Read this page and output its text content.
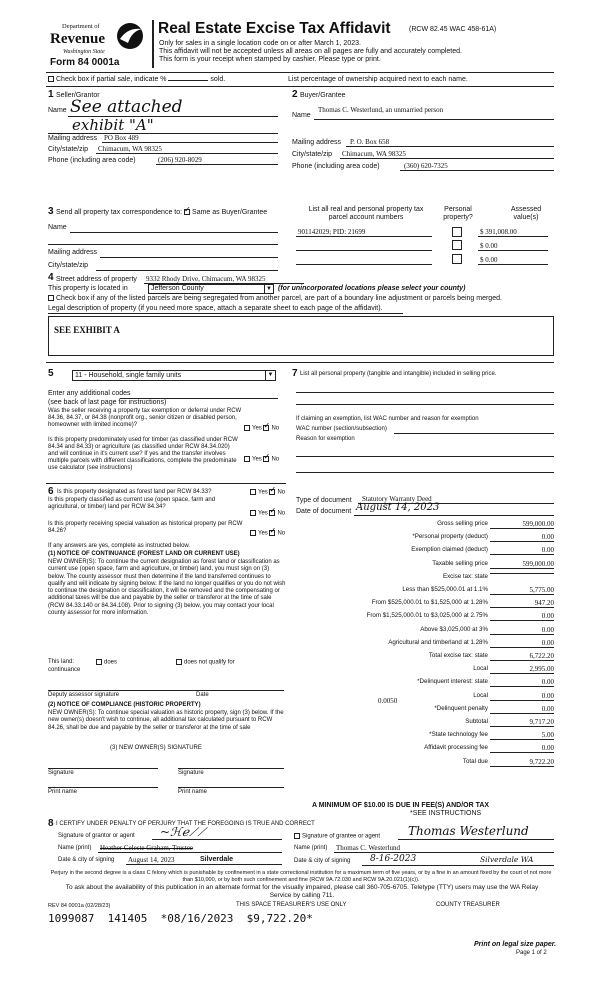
Department of
Revenue
Washington State
Form 84 0001a
Real Estate Excise Tax Affidavit	(RCW 82.45 WAC 458-61A)
Only for sales in a single location code on or after March 1, 2023.
This affidavit will not be accepted unless all areas on all pages are fully and accurately completed.
This form is your receipt when stamped by cashier. Please type or print.
Check box if partial sale, indicate %	sold.	List percentage of ownership acquired next to each name.
1 Seller/Grantor
Name See attached
exhibit "A"
Mailing address PO Box 489
City/state/zip Chimacum, WA 98325
Phone (including area code)	(206) 920-8029
2 Buyer/Grantee
Name
Thomas C. Westerlund, an unmarried person
Mailing address P. O. Box 658
City/state/zip Chimacum, WA 98325
Phone (including area code)	(360) 620-7325
3 Send all property tax correspondence to: ✓ Same as Buyer/Grantee
Name
Mailing address
City/state/zip
List all real and personal property tax
parcel account numbers
Personal
property?
Assessed
value(s)
901142029; PID: 21699	$ 391,008.00
$ 0.00
$ 0.00
4 Street address of property 9332 Rhody Drive, Chimacum, WA 98325
This property is located in	Jefferson County	▼ (for unincorporated locations please select your county)
Check box if any of the listed parcels are being segregated from another parcel, are part of a boundary line adjustment or parcels being merged.
Legal description of property (if you need more space, attach a separate sheet to each page of the affidavit).
SEE EXHIBIT A
5	11 - Household, single family units	▼
Enter any additional codes
(see back of last page for instructions)
Was the seller receiving a property tax exemption or deferral under RCW 84.36, 84.37, or 84.38 (nonprofit org., senior citizen or disabled person, homeowner with limited income)?
Yes ✓ No
Is this property predominately used for timber (as classified under RCW 84.34 and 84.33) or agriculture (as classified under RCW 84.34.020) and will continue in it's current use? If yes and the transfer involves multiple parcels with different classifications, complete the predominate use calculator (see instructions)
Yes ✓ No
7 List all personal property (tangible and intangible) included in selling price.
If claiming an exemption, list WAC number and reason for exemption
WAC number (section/subsection)
Reason for exemption
6 Is this property designated as forest land per RCW 84.33?	Yes ✓ No
Is this property classified as current use (open space, farm and agricultural, or timber) land per RCW 84.34?
Yes ✓ No
Is this property receiving special valuation as historical property per RCW 84.26?	Yes ✓ No
If any answers are yes, complete as instructed below.
(1) NOTICE OF CONTINUANCE (FOREST LAND OR CURRENT USE)
NEW OWNER(S): To continue the current designation as forest land or classification as current use (open space, farm and agriculture, or timber) land, you must sign on (3) below. The county assessor must then determine if the land transferred continues to qualify and will indicate by signing below. If the land no longer qualifies or you do not wish to continue the designation or classification, it will be removed and the compensating or additional taxes will be due and payable by the seller or transferor at the time of sale (RCW 84.33.140 or 84.34.108). Prior to signing (3) below, you may contact your local county assessor for more information.
This land:
continuance
does	does not qualify for
Deputy assessor signature	Date
(2) NOTICE OF COMPLIANCE (HISTORIC PROPERTY)
NEW OWNER(S): To continue special valuation as historic property, sign (3) below. If the new owner(s) doesn't wish to continue, all additional tax calculated pursuant to RCW 84.26, shall be due and payable by the seller or transferor at the time of sale
(3) NEW OWNER(S) SIGNATURE
Signature	Signature
Print name	Print name
Type of document Statutory Warranty Deed
Date of document August 14, 2023
Gross selling price	599,000.00
*Personal property (deduct)	0.00
Exemption claimed (deduct)	0.00
Taxable selling price	599,000.00
Excise tax: state
Less than $525,000.01 at 1.1%	5,775.00
From $525,000.01 to $1,525,000 at 1.28%	947.20
From $1,525,000.01 to $3,025,000 at 2.75%	0.00
Above $3,025,000 at 3%	0.00
Agricultural and timberland at 1.28%	0.00
Total excise tax: state	6,722.20
Local	2,995.00
*Delinquent interest: state	0.00
Local	0.00
*Delinquent penalty	0.00
Subtotal	9,717.20
*State technology fee	5.00
Affidavit processing fee	0.00
Total due	9,722.20
0.0050
A MINIMUM OF $10.00 IS DUE IN FEE(S) AND/OR TAX
*SEE INSTRUCTIONS
8 I CERTIFY UNDER PENALTY OF PERJURY THAT THE FOREGOING IS TRUE AND CORRECT
Signature of grantor or agent ~ℋℯ⟋⟋
Name (print) Heather Celeste Graham, Trustee
Date & city of signing August 14, 2023	Silverdale
Signature of grantee or agent Thomas Westerlund
Name (print) Thomas C. Westerlund
Date & city of signing 8-16-2023	Silverdale WA
Perjury in the second degree is a class C felony which is punishable by confinement in a state correctional institution for a maximum term of five years, or by a fine in an amount fixed by the court of not more than $10,000, or by both such confinement and fine (RCW 9A.72.030 and RCW 9A.20.021(1)(c)).
To ask about the availability of this publication in an alternate format for the visually impaired, please call 360-705-6705. Teletype (TTY) users may use the WA Relay Service by calling 711.
REV 84 0001a (02/28/23)	THIS SPACE TREASURER'S USE ONLY	COUNTY TREASURER
1099087  141405  *08/16/2023  $9,722.20*
Print on legal size paper.
Page 1 of 2
